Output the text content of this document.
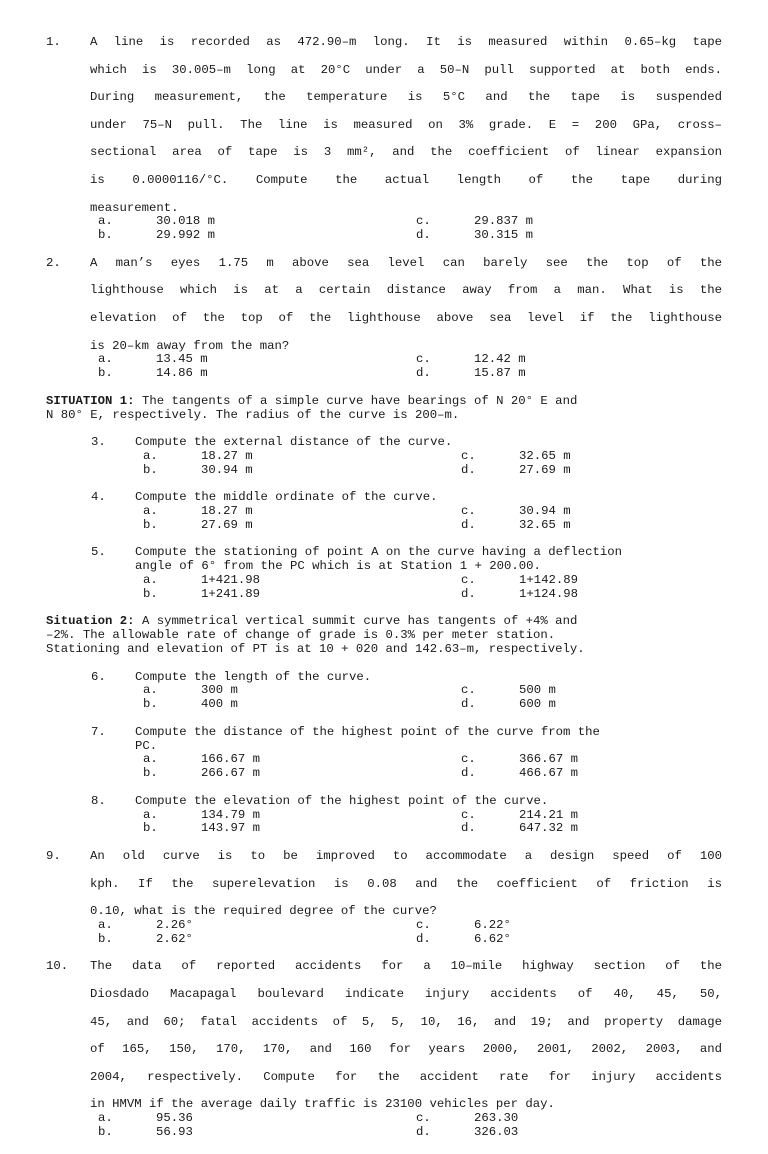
1. A line is recorded as 472.90–m long. It is measured within 0.65–kg tape
which is 30.005–m long at 20°C under a 50–N pull supported at both ends.
During measurement, the temperature is 5°C and the tape is suspended
under 75–N pull. The line is measured on 3% grade. E = 200 GPa, cross–
sectional area of tape is 3 mm², and the coefficient of linear expansion
is 0.0000116/°C. Compute the actual length of the tape during
measurement.
a.	30.018 m	c.	29.837 m
b.	29.992 m	d.	30.315 m
2. A man’s eyes 1.75 m above sea level can barely see the top of the
lighthouse which is at a certain distance away from a man. What is the
elevation of the top of the lighthouse above sea level if the lighthouse
is 20–km away from the man?
a.	13.45 m	c.	12.42 m
b.	14.86 m	d.	15.87 m
SITUATION 1: The tangents of a simple curve have bearings of N 20° E and
N 80° E, respectively. The radius of the curve is 200–m.
3. Compute the external distance of the curve.
a.	18.27 m	c.	32.65 m
b.	30.94 m	d.	27.69 m
4. Compute the middle ordinate of the curve.
a.	18.27 m	c.	30.94 m
b.	27.69 m	d.	32.65 m
5. Compute the stationing of point A on the curve having a deflection
angle of 6° from the PC which is at Station 1 + 200.00.
a.	1+421.98	c.	1+142.89
b.	1+241.89	d.	1+124.98
Situation 2: A symmetrical vertical summit curve has tangents of +4% and
–2%. The allowable rate of change of grade is 0.3% per meter station.
Stationing and elevation of PT is at 10 + 020 and 142.63–m, respectively.
6. Compute the length of the curve.
a.	300 m	c.	500 m
b.	400 m	d.	600 m
7. Compute the distance of the highest point of the curve from the
PC.
a.	166.67 m	c.	366.67 m
b.	266.67 m	d.	466.67 m
8. Compute the elevation of the highest point of the curve.
a.	134.79 m	c.	214.21 m
b.	143.97 m	d.	647.32 m
9. An old curve is to be improved to accommodate a design speed of 100
kph. If the superelevation is 0.08 and the coefficient of friction is
0.10, what is the required degree of the curve?
a.	2.26°	c.	6.22°
b.	2.62°	d.	6.62°
10. The data of reported accidents for a 10–mile highway section of the
Diosdado Macapagal boulevard indicate injury accidents of 40, 45, 50,
45, and 60; fatal accidents of 5, 5, 10, 16, and 19; and property damage
of 165, 150, 170, 170, and 160 for years 2000, 2001, 2002, 2003, and
2004, respectively. Compute for the accident rate for injury accidents
in HMVM if the average daily traffic is 23100 vehicles per day.
a.	95.36	c.	263.30
b.	56.93	d.	326.03
